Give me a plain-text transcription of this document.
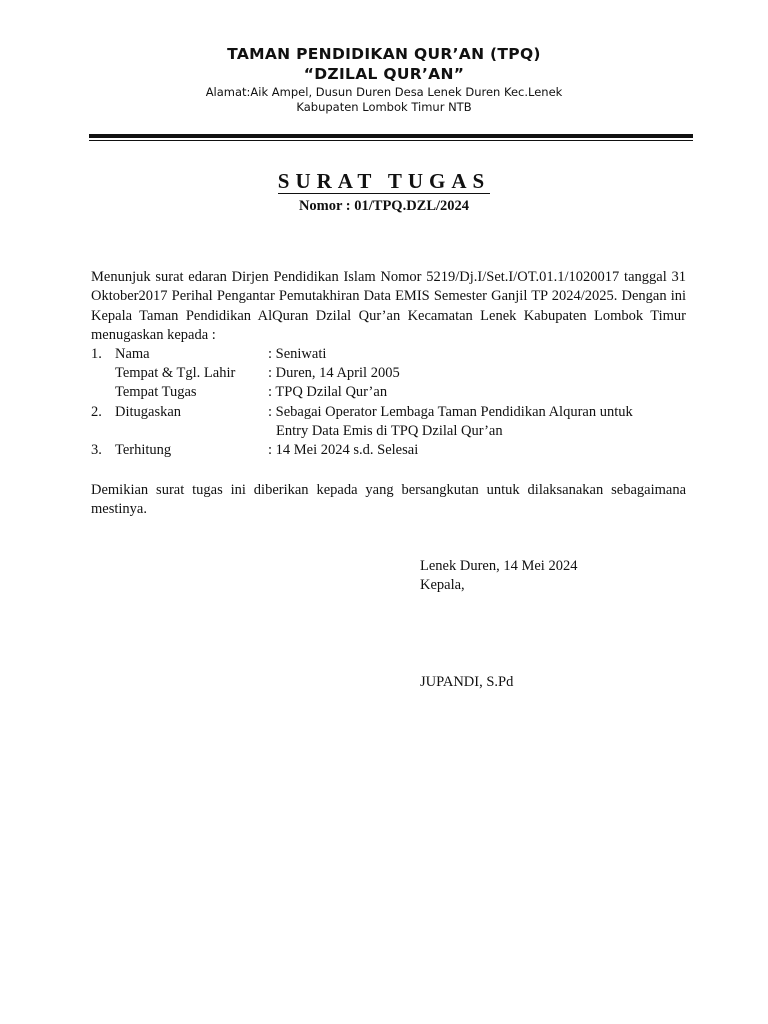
TAMAN PENDIDIKAN QUR’AN (TPQ)
“DZILAL QUR’AN”
Alamat:Aik Ampel, Dusun Duren Desa Lenek Duren Kec.Lenek
Kabupaten Lombok Timur NTB
SURAT TUGAS
Nomor : 01/TPQ.DZL/2024
Menunjuk surat edaran Dirjen Pendidikan Islam Nomor 5219/Dj.I/Set.I/OT.01.1/1020017 tanggal 31 Oktober2017 Perihal Pengantar Pemutakhiran Data EMIS Semester Ganjil TP 2024/2025. Dengan ini Kepala Taman Pendidikan AlQuran Dzilal Qur’an Kecamatan Lenek Kabupaten Lombok Timur menugaskan kepada :
1. Nama	: Seniwati
Tempat & Tgl. Lahir : Duren, 14 April 2005
Tempat Tugas	: TPQ Dzilal Qur’an
2. Ditugaskan	: Sebagai Operator Lembaga Taman Pendidikan Alquran untuk
Entry Data Emis di TPQ Dzilal Qur’an
3. Terhitung	: 14 Mei 2024 s.d. Selesai
Demikian surat tugas ini diberikan kepada yang bersangkutan untuk dilaksanakan sebagaimana mestinya.
Lenek Duren, 14 Mei 2024
Kepala,
JUPANDI, S.Pd
